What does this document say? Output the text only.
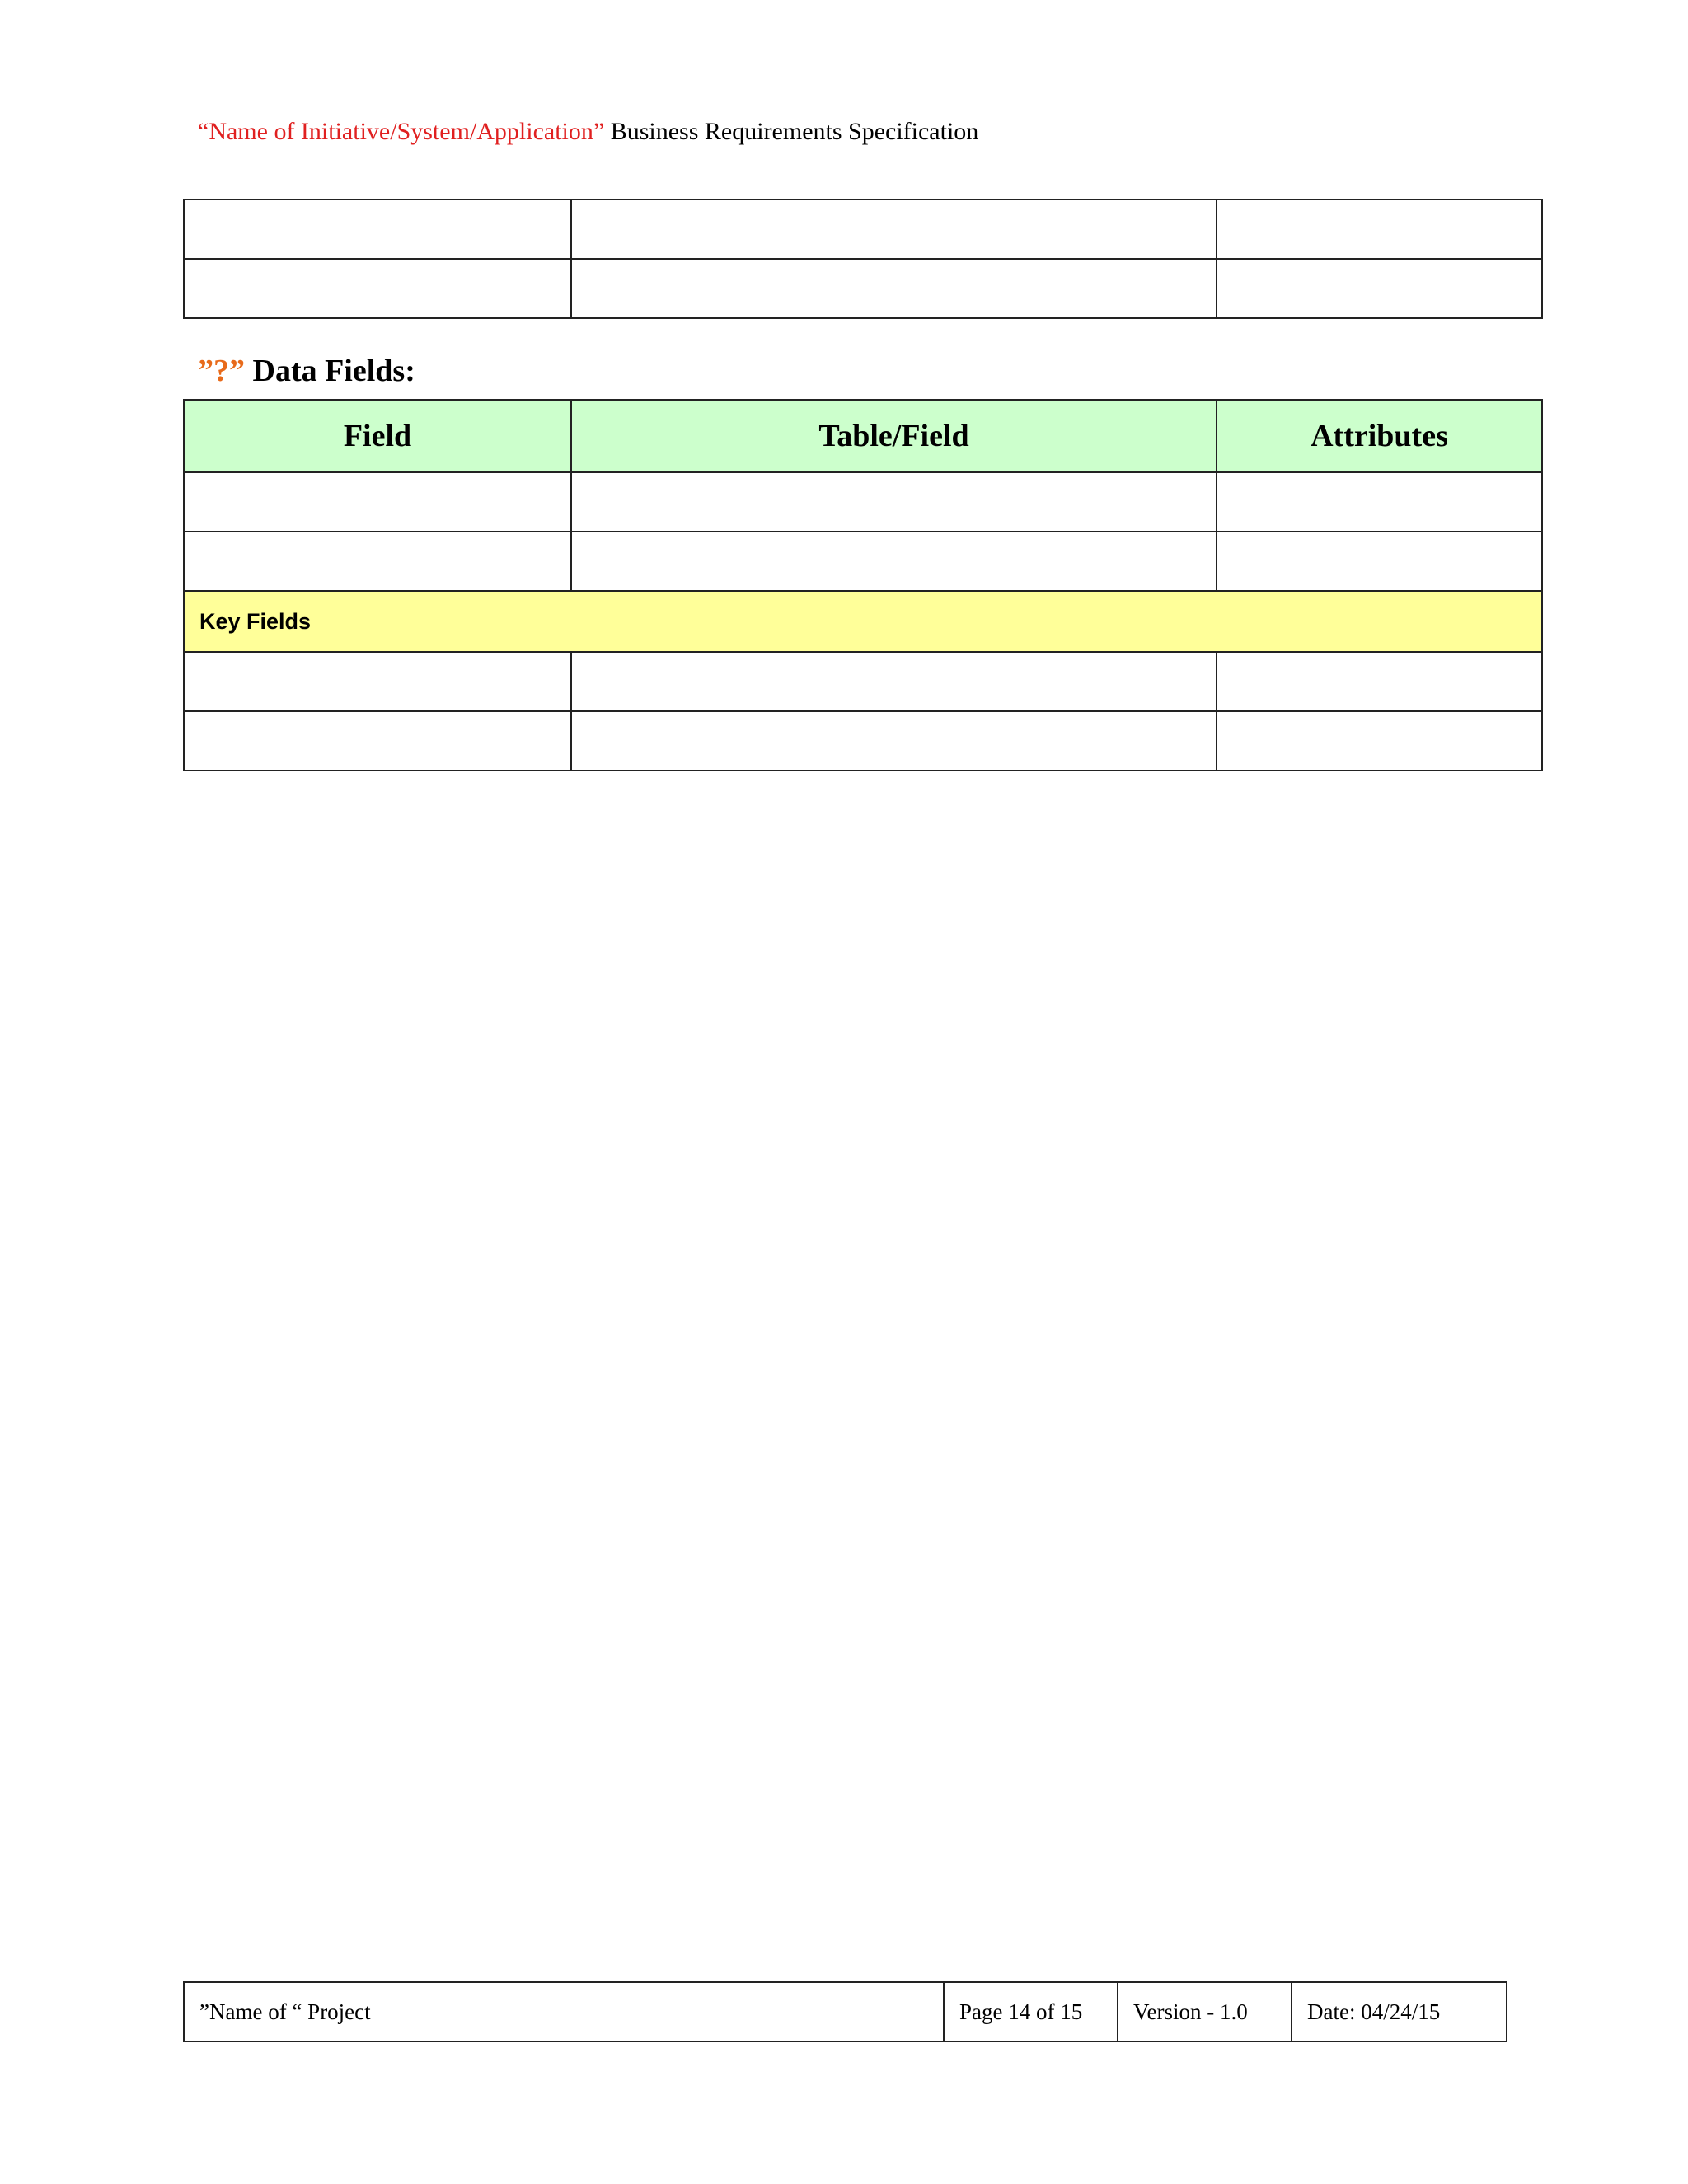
“Name of Initiative/System/Application” Business Requirements Specification

”?” Data Fields:
Field	Table/Field	Attributes

Key Fields		

”Name of “ Project	Page 14 of 15	Version - 1.0	Date: 04/24/15
